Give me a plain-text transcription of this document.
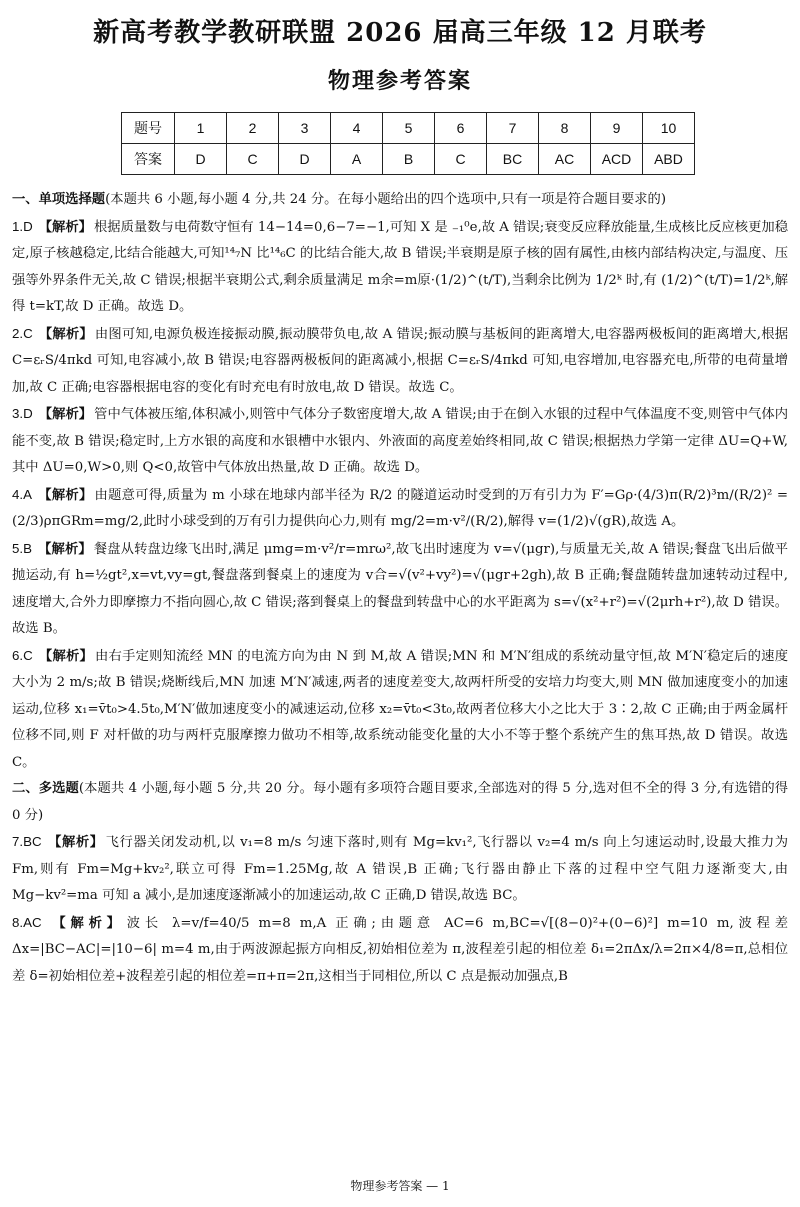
新高考教学教研联盟 2026 届高三年级 12 月联考
物理参考答案
题号	1	2	3	4	5	6	7	8	9	10
答案	D	C	D	A	B	C	BC	AC	ACD	ABD

一、单项选择题(本题共 6 小题,每小题 4 分,共 24 分。在每小题给出的四个选项中,只有一项是符合题目要求的)

1.D 【解析】 根据质量数与电荷数守恒有 14−14=0,6−7=−1,可知 X 是 ₋₁⁰e,故 A 错误;衰变反应释放能量,生成核比反应核更加稳定,原子核越稳定,比结合能越大,可知¹⁴₇N 比¹⁴₆C 的比结合能大,故 B 错误;半衰期是原子核的固有属性,由核内部结构决定,与温度、压强等外界条件无关,故 C 错误;根据半衰期公式,剩余质量满足 m余=m原·(1/2)^(t/T),当剩余比例为 1/2ᵏ 时,有 (1/2)^(t/T)=1/2ᵏ,解得 t=kT,故 D 正确。故选 D。

2.C 【解析】 由图可知,电源负极连接振动膜,振动膜带负电,故 A 错误;振动膜与基板间的距离增大,电容器两极板间的距离增大,根据 C=εᵣS/4πkd 可知,电容减小,故 B 错误;电容器两极板间的距离减小,根据 C=εᵣS/4πkd 可知,电容增加,电容器充电,所带的电荷量增加,故 C 正确;电容器根据电容的变化有时充电有时放电,故 D 错误。故选 C。

3.D 【解析】 管中气体被压缩,体积减小,则管中气体分子数密度增大,故 A 错误;由于在倒入水银的过程中气体温度不变,则管中气体内能不变,故 B 错误;稳定时,上方水银的高度和水银槽中水银内、外液面的高度差始终相同,故 C 错误;根据热力学第一定律 ΔU=Q+W,其中 ΔU=0,W>0,则 Q<0,故管中气体放出热量,故 D 正确。故选 D。

4.A 【解析】 由题意可得,质量为 m 小球在地球内部半径为 R/2 的隧道运动时受到的万有引力为 F′=Gρ·(4/3)π(R/2)³m/(R/2)² = (2/3)ρπGRm=mg/2,此时小球受到的万有引力提供向心力,则有 mg/2=m·v²/(R/2),解得 v=(1/2)√(gR),故选 A。

5.B 【解析】 餐盘从转盘边缘飞出时,满足 μmg=m·v²/r=mrω²,故飞出时速度为 v=√(μgr),与质量无关,故 A 错误;餐盘飞出后做平抛运动,有 h=½gt²,x=vt,vy=gt,餐盘落到餐桌上的速度为 v合=√(v²+vy²)=√(μgr+2gh),故 B 正确;餐盘随转盘加速转动过程中,速度增大,合外力即摩擦力不指向圆心,故 C 错误;落到餐桌上的餐盘到转盘中心的水平距离为 s=√(x²+r²)=√(2μrh+r²),故 D 错误。故选 B。

6.C 【解析】 由右手定则知流经 MN 的电流方向为由 N 到 M,故 A 错误;MN 和 M′N′组成的系统动量守恒,故 M′N′稳定后的速度大小为 2 m/s;故 B 错误;烧断线后,MN 加速 M′N′减速,两者的速度差变大,故两杆所受的安培力均变大,则 MN 做加速度变小的加速运动,位移 x₁=v̄t₀>4.5t₀,M′N′做加速度变小的减速运动,位移 x₂=v̄t₀<3t₀,故两者位移大小之比大于 3∶2,故 C 正确;由于两金属杆位移不同,则 F 对杆做的功与两杆克服摩擦力做功不相等,故系统动能变化量的大小不等于整个系统产生的焦耳热,故 D 错误。故选 C。

二、多选题(本题共 4 小题,每小题 5 分,共 20 分。每小题有多项符合题目要求,全部选对的得 5 分,选对但不全的得 3 分,有选错的得 0 分)

7.BC 【解析】 飞行器关闭发动机,以 v₁=8 m/s 匀速下落时,则有 Mg=kv₁²,飞行器以 v₂=4 m/s 向上匀速运动时,设最大推力为 Fm,则有 Fm=Mg+kv₂²,联立可得 Fm=1.25Mg,故 A 错误,B 正确;飞行器由静止下落的过程中空气阻力逐渐变大,由 Mg−kv²=ma 可知 a 减小,是加速度逐渐减小的加速运动,故 C 正确,D 错误,故选 BC。

8.AC 【解析】 波长 λ=v/f=40/5 m=8 m,A 正确;由题意 AC=6 m,BC=√[(8−0)²+(0−6)²] m=10 m,波程差 Δx=|BC−AC|=|10−6| m=4 m,由于两波源起振方向相反,初始相位差为 π,波程差引起的相位差 δ₁=2πΔx/λ=2π×4/8=π,总相位差 δ=初始相位差+波程差引起的相位差=π+π=2π,这相当于同相位,所以 C 点是振动加强点,B

物理参考答案 — 1
